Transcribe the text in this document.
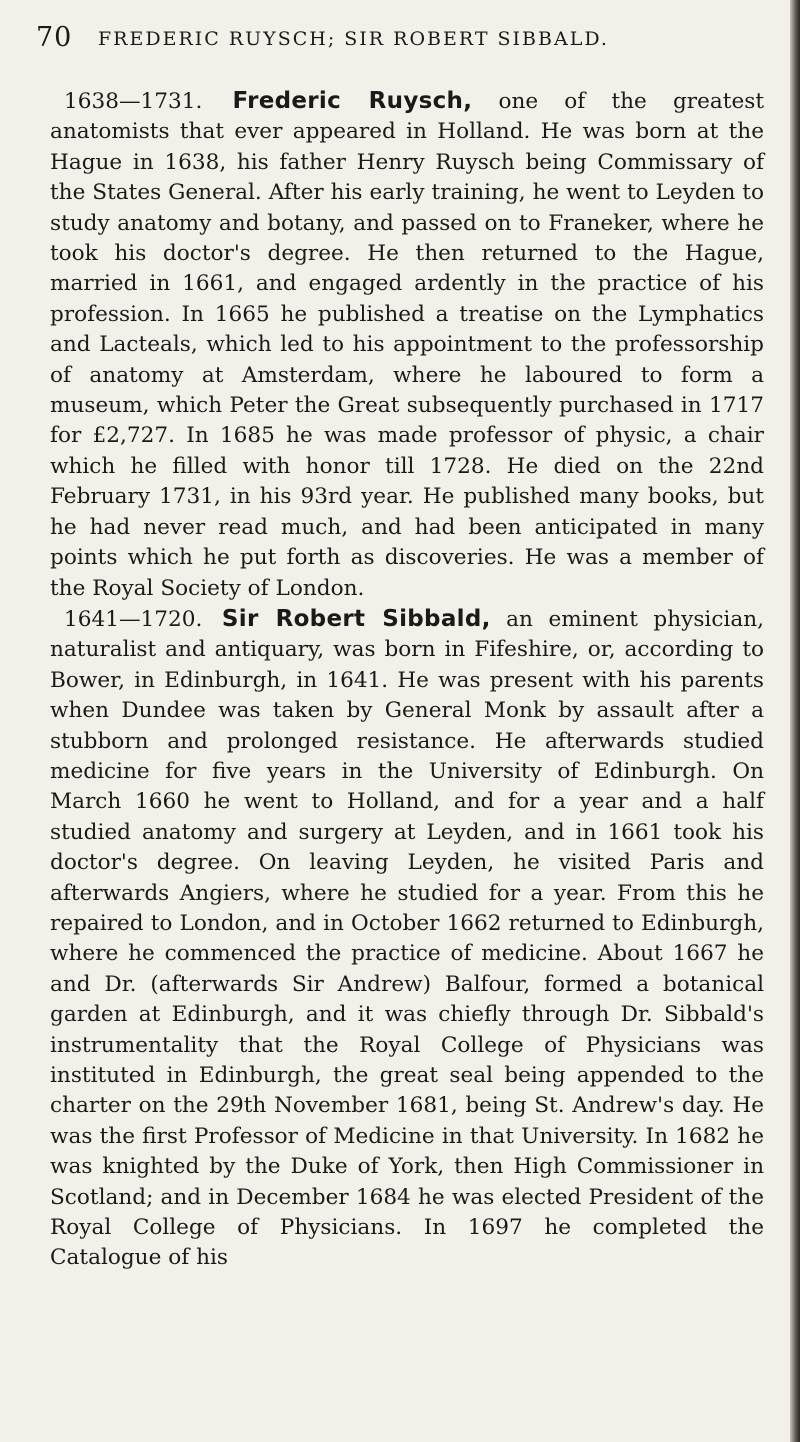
70 FREDERIC RUYSCH; SIR ROBERT SIBBALD.

1638—1731. Frederic Ruysch, one of the greatest anatomists that ever appeared in Holland. He was born at the Hague in 1638, his father Henry Ruysch being Commissary of the States General. After his early training, he went to Leyden to study anatomy and botany, and passed on to Franeker, where he took his doctor's degree. He then returned to the Hague, married in 1661, and engaged ardently in the practice of his profession. In 1665 he published a treatise on the Lymphatics and Lacteals, which led to his appointment to the professorship of anatomy at Amsterdam, where he laboured to form a museum, which Peter the Great subsequently purchased in 1717 for £2,727. In 1685 he was made professor of physic, a chair which he filled with honor till 1728. He died on the 22nd February 1731, in his 93rd year. He published many books, but he had never read much, and had been anticipated in many points which he put forth as discoveries. He was a member of the Royal Society of London.

1641—1720. Sir Robert Sibbald, an eminent physician, naturalist and antiquary, was born in Fifeshire, or, according to Bower, in Edinburgh, in 1641. He was present with his parents when Dundee was taken by General Monk by assault after a stubborn and prolonged resistance. He afterwards studied medicine for five years in the University of Edinburgh. On March 1660 he went to Holland, and for a year and a half studied anatomy and surgery at Leyden, and in 1661 took his doctor's degree. On leaving Leyden, he visited Paris and afterwards Angiers, where he studied for a year. From this he repaired to London, and in October 1662 returned to Edinburgh, where he commenced the practice of medicine. About 1667 he and Dr. (afterwards Sir Andrew) Balfour, formed a botanical garden at Edinburgh, and it was chiefly through Dr. Sibbald's instrumentality that the Royal College of Physicians was instituted in Edinburgh, the great seal being appended to the charter on the 29th November 1681, being St. Andrew's day. He was the first Professor of Medicine in that University. In 1682 he was knighted by the Duke of York, then High Commissioner in Scotland; and in December 1684 he was elected President of the Royal College of Physicians. In 1697 he completed the Catalogue of his
